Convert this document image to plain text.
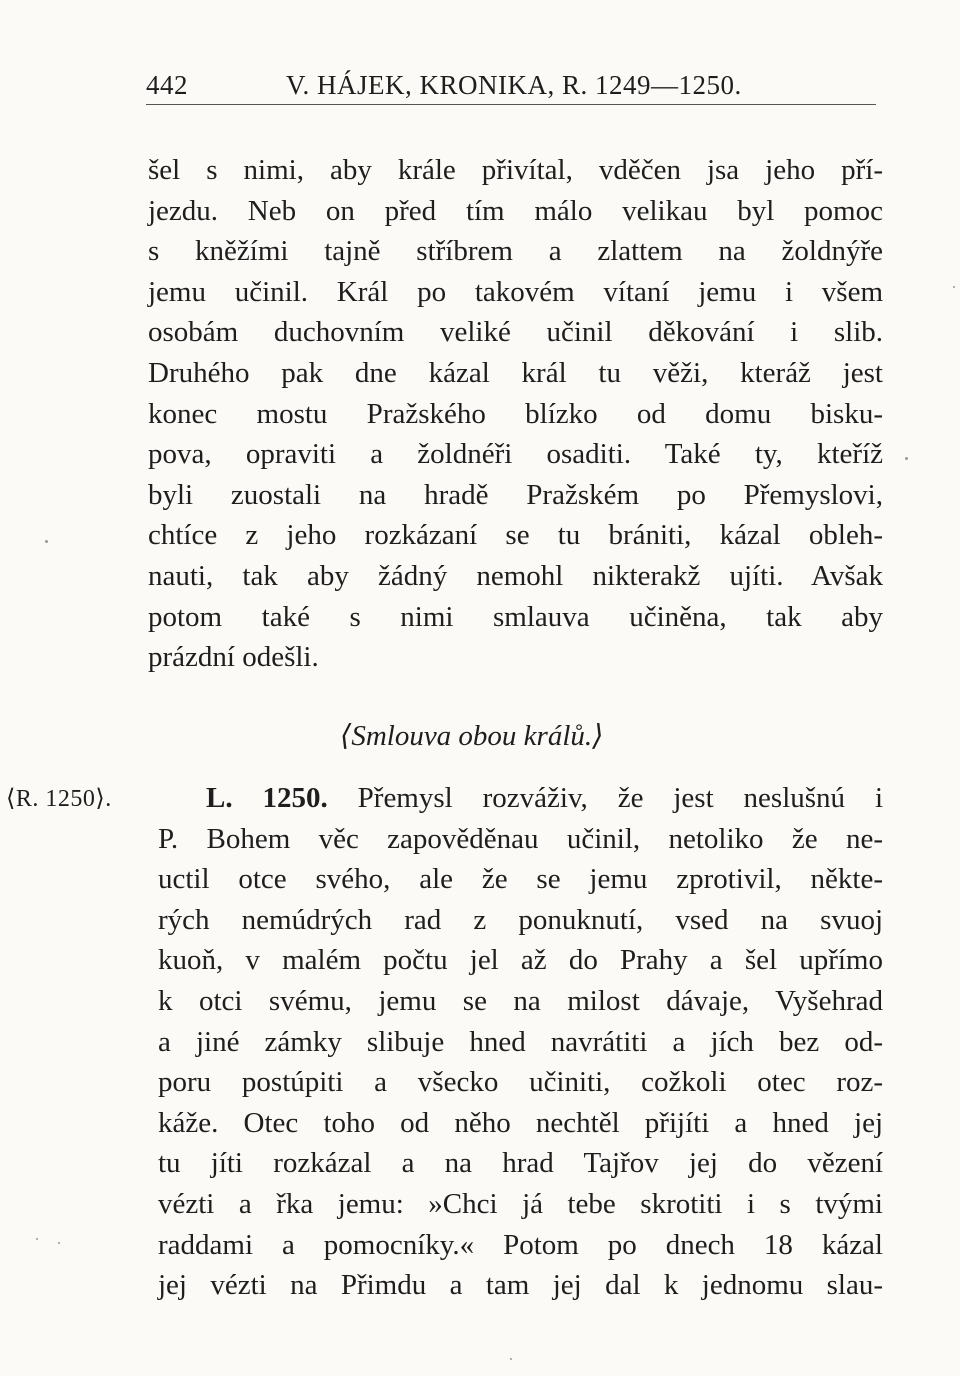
442	V. HÁJEK, KRONIKA, R. 1249—1250.
šel s nimi, aby krále přivítal, vděčen jsa jeho pří-
jezdu. Neb on před tím málo velikau byl pomoc
s kněžími tajně stříbrem a zlattem na žoldnýře
jemu učinil. Král po takovém vítaní jemu i všem
osobám duchovním veliké učinil děkování i slib.
Druhého pak dne kázal král tu věži, kteráž jest
konec mostu Pražského blízko od domu bisku-
pova, opraviti a žoldnéři osaditi. Také ty, kteříž
byli zuostali na hradě Pražském po Přemyslovi,
chtíce z jeho rozkázaní se tu brániti, kázal obleh-
nauti, tak aby žádný nemohl nikterakž ujíti. Avšak
potom také s nimi smlauva učiněna, tak aby
prázdní odešli.
⟨Smlouva obou králů.⟩
⟨R. 1250⟩.	L. 1250. Přemysl rozváživ, že jest neslušnú i
P. Bohem věc zapověděnau učinil, netoliko že ne-
uctil otce svého, ale že se jemu zprotivil, někte-
rých nemúdrých rad z ponuknutí, vsed na svuoj
kuoň, v malém počtu jel až do Prahy a šel upřímo
k otci svému, jemu se na milost dávaje, Vyšehrad
a jiné zámky slibuje hned navrátiti a jích bez od-
poru postúpiti a všecko učiniti, cožkoli otec roz-
káže. Otec toho od něho nechtěl přijíti a hned jej
tu jíti rozkázal a na hrad Tajřov jej do vězení
vézti a řka jemu: »Chci já tebe skrotiti i s tvými
raddami a pomocníky.« Potom po dnech 18 kázal
jej vézti na Přimdu a tam jej dal k jednomu slau-
